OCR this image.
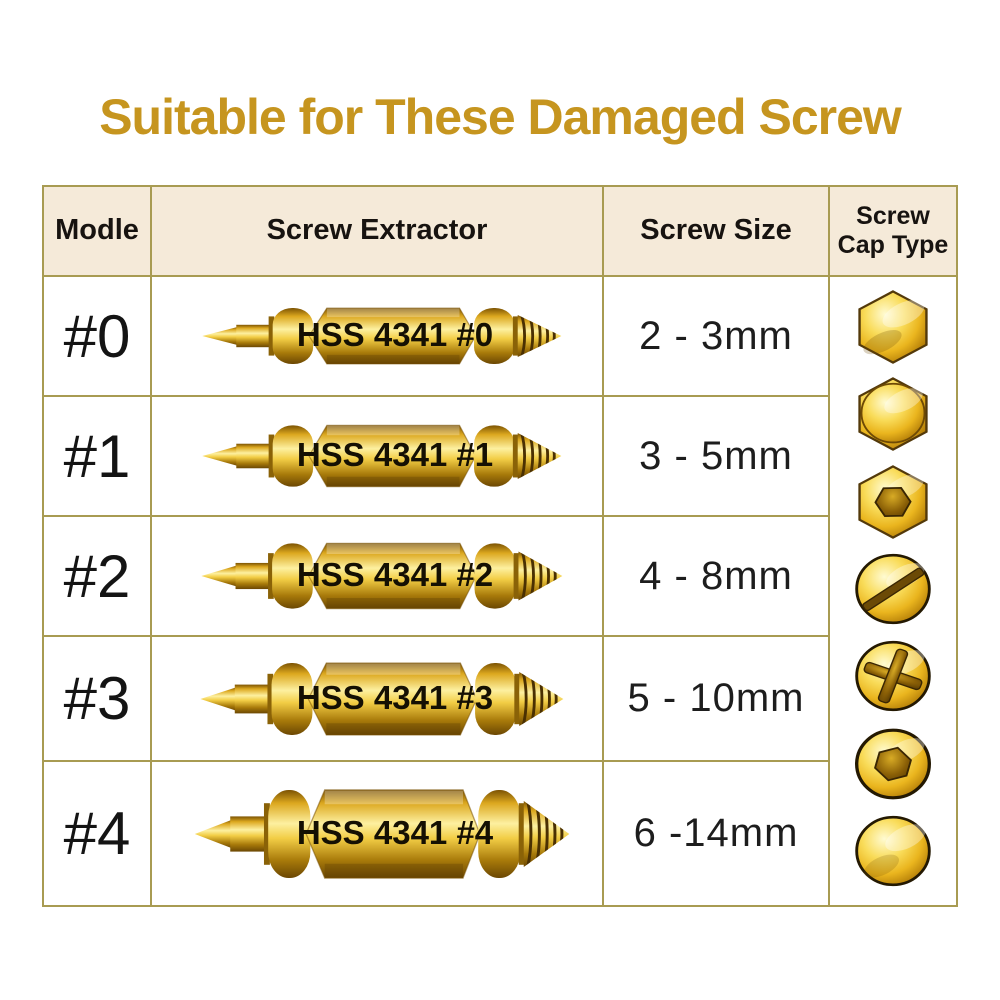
Suitable for These Damaged Screw
Modle	Screw Extractor	Screw Size	Screw Cap Type
#0	HSS 4341 #0	2 - 3mm
#1	HSS 4341 #1	3 - 5mm
#2	HSS 4341 #2	4 - 8mm
#3	HSS 4341 #3	5 - 10mm
#4	HSS 4341 #4	6 -14mm
